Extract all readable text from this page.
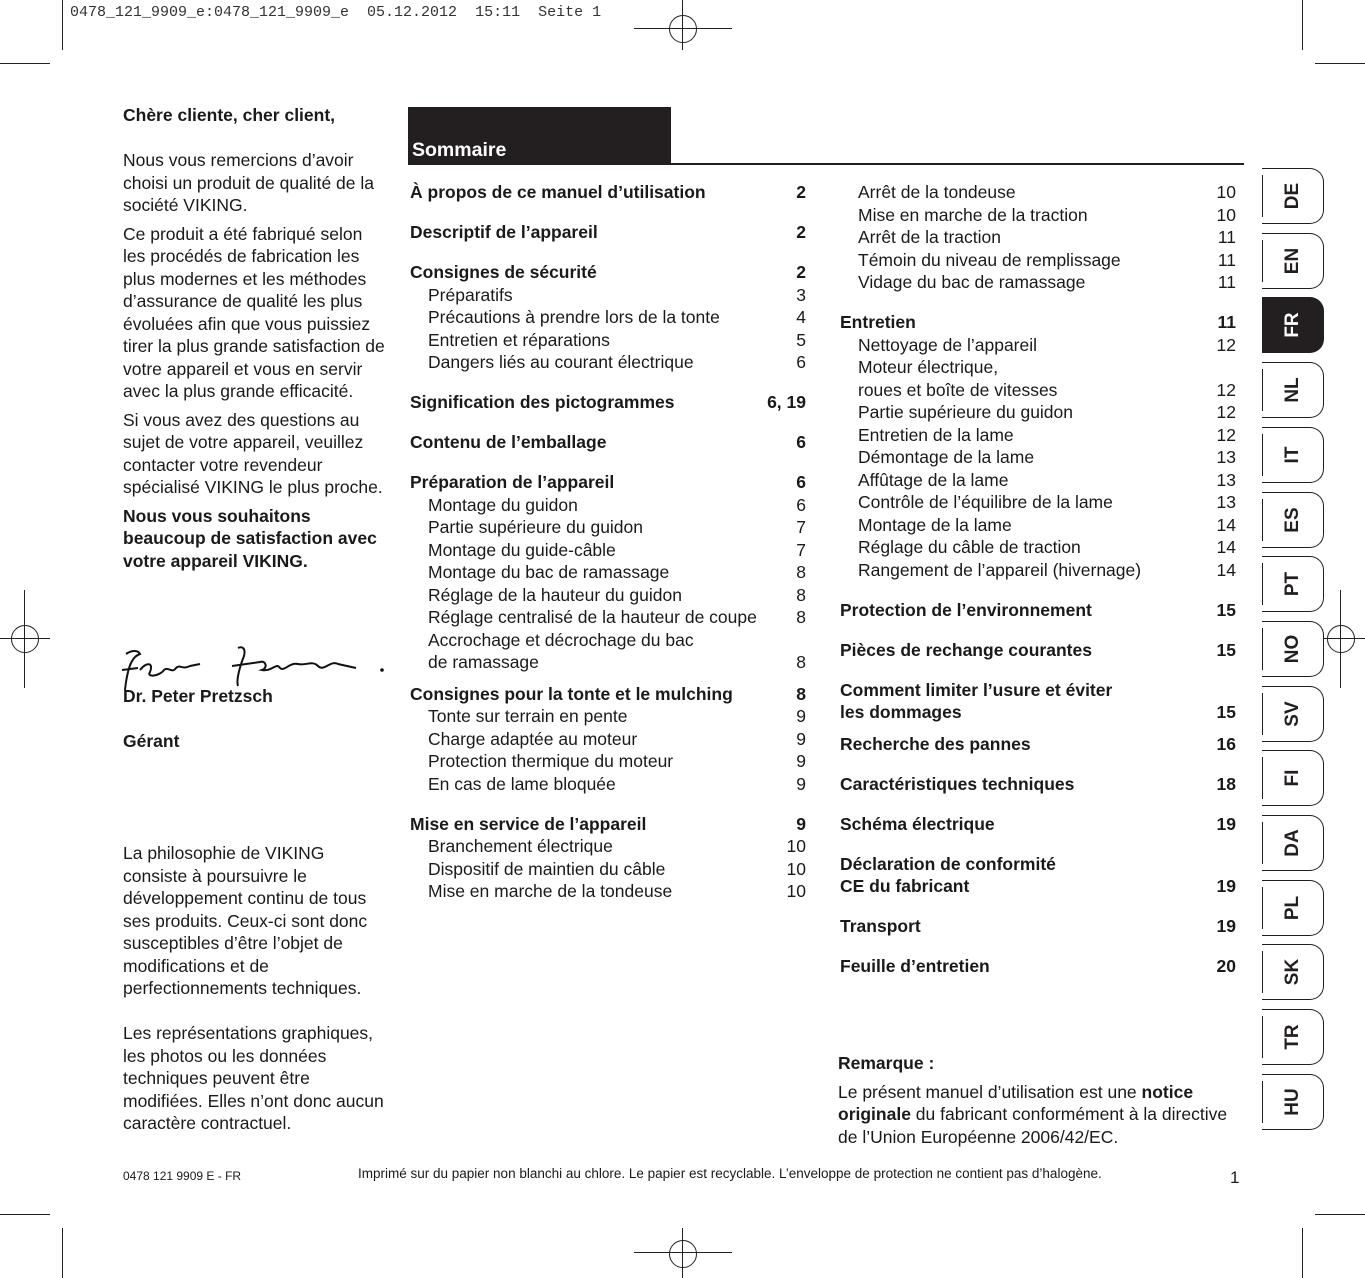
0478_121_9909_e:0478_121_9909_e  05.12.2012  15:11  Seite 1

Chère cliente, cher client,

Nous vous remercions d’avoir choisi un produit de qualité de la société VIKING.

Ce produit a été fabriqué selon les procédés de fabrication les plus modernes et les méthodes d’assurance de qualité les plus évoluées afin que vous puissiez tirer la plus grande satisfaction de votre appareil et vous en servir avec la plus grande efficacité.

Si vous avez des questions au sujet de votre appareil, veuillez contacter votre revendeur spécialisé VIKING le plus proche.

Nous vous souhaitons beaucoup de satisfaction avec votre appareil VIKING.

Dr. Peter Pretzsch

Gérant

La philosophie de VIKING consiste à poursuivre le développement continu de tous ses produits. Ceux-ci sont donc susceptibles d’être l’objet de modifications et de perfectionnements techniques.

Les représentations graphiques, les photos ou les données techniques peuvent être modifiées. Elles n’ont donc aucun caractère contractuel.

Sommaire
À propos de ce manuel d’utilisation	2
Descriptif de l’appareil	2
Consignes de sécurité	2
Préparatifs	3
Précautions à prendre lors de la tonte	4
Entretien et réparations	5
Dangers liés au courant électrique	6
Signification des pictogrammes	6, 19
Contenu de l’emballage	6
Préparation de l’appareil	6
Montage du guidon	6
Partie supérieure du guidon	7
Montage du guide-câble	7
Montage du bac de ramassage	8
Réglage de la hauteur du guidon	8
Réglage centralisé de la hauteur de coupe	8
Accrochage et décrochage du bac
de ramassage	8
Consignes pour la tonte et le mulching	8
Tonte sur terrain en pente	9
Charge adaptée au moteur	9
Protection thermique du moteur	9
En cas de lame bloquée	9
Mise en service de l’appareil	9
Branchement électrique	10
Dispositif de maintien du câble	10
Mise en marche de la tondeuse	10
Arrêt de la tondeuse	10
Mise en marche de la traction	10
Arrêt de la traction	11
Témoin du niveau de remplissage	11
Vidage du bac de ramassage	11
Entretien	11
Nettoyage de l’appareil	12
Moteur électrique,
roues et boîte de vitesses	12
Partie supérieure du guidon	12
Entretien de la lame	12
Démontage de la lame	13
Affûtage de la lame	13
Contrôle de l’équilibre de la lame	13
Montage de la lame	14
Réglage du câble de traction	14
Rangement de l’appareil (hivernage)	14
Protection de l’environnement	15
Pièces de rechange courantes	15
Comment limiter l’usure et éviter
les dommages	15
Recherche des pannes	16
Caractéristiques techniques	18
Schéma électrique	19
Déclaration de conformité
CE du fabricant	19
Transport	19
Feuille d’entretien	20

Remarque :

Le présent manuel d’utilisation est une notice originale du fabricant conformément à la directive de l’Union Européenne 2006/42/EC.

DE
EN
FR
NL
IT
ES
PT
NO
SV
FI
DA
PL
SK
TR
HU
0478 121 9909 E - FR	Imprimé sur du papier non blanchi au chlore. Le papier est recyclable. L’enveloppe de protection ne contient pas d’halogène.	1
